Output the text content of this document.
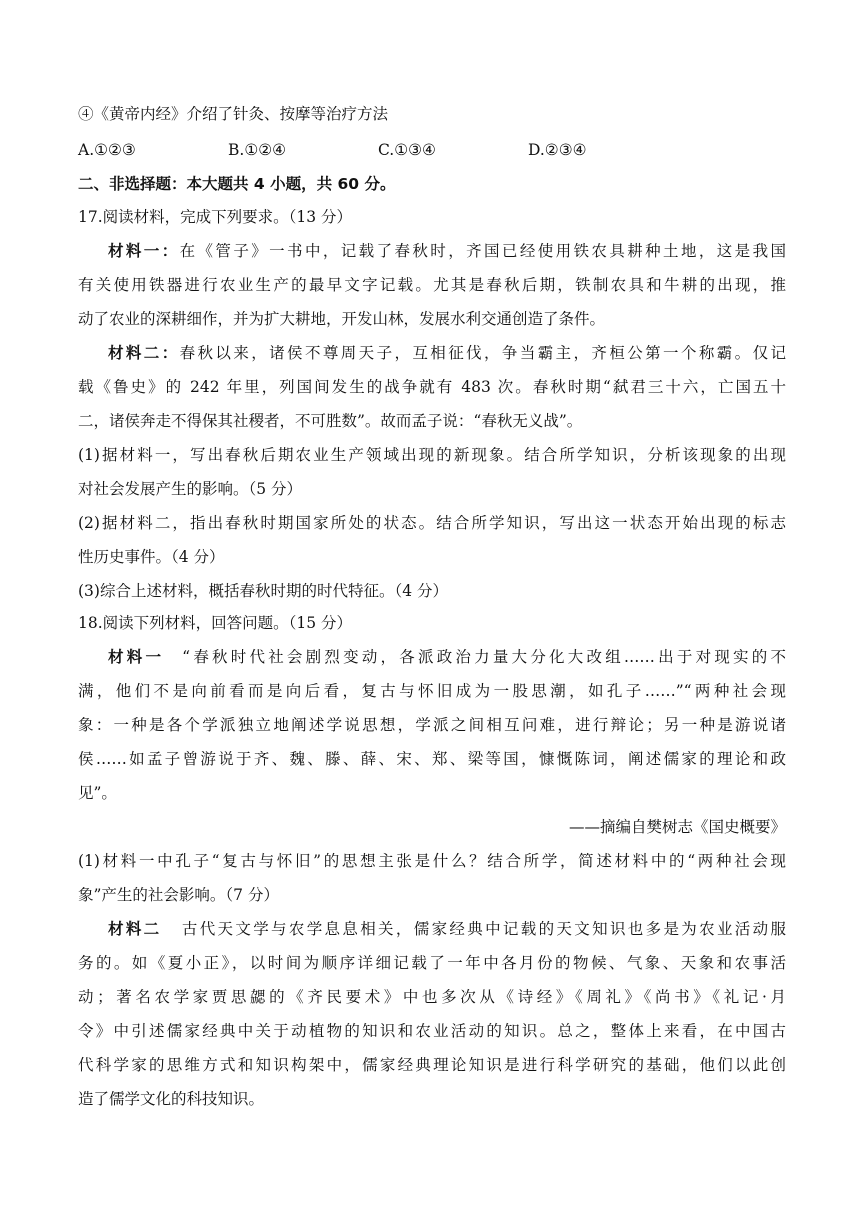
④《黄帝内经》介绍了针灸、按摩等治疗方法
A.①②③	B.①②④	C.①③④	D.②③④
二、非选择题：本大题共 4 小题，共 60 分。
17.阅读材料，完成下列要求。（13 分）
材料一：在《管子》一书中，记载了春秋时，齐国已经使用铁农具耕种土地，这是我国
有关使用铁器进行农业生产的最早文字记载。尤其是春秋后期，铁制农具和牛耕的出现，推
动了农业的深耕细作，并为扩大耕地，开发山林，发展水利交通创造了条件。
材料二：春秋以来，诸侯不尊周天子，互相征伐，争当霸主，齐桓公第一个称霸。仅记
载《鲁史》的 242 年里，列国间发生的战争就有 483 次。春秋时期“弑君三十六，亡国五十
二，诸侯奔走不得保其社稷者，不可胜数”。故而孟子说：“春秋无义战”。
(1)据材料一，写出春秋后期农业生产领域出现的新现象。结合所学知识，分析该现象的出现
对社会发展产生的影响。（5 分）
(2)据材料二，指出春秋时期国家所处的状态。结合所学知识，写出这一状态开始出现的标志
性历史事件。（4 分）
(3)综合上述材料，概括春秋时期的时代特征。（4 分）
18.阅读下列材料，回答问题。（15 分）
材料一 “春秋时代社会剧烈变动，各派政治力量大分化大改组……出于对现实的不
满，他们不是向前看而是向后看，复古与怀旧成为一股思潮，如孔子……”“两种社会现
象：一种是各个学派独立地阐述学说思想，学派之间相互问难，进行辩论；另一种是游说诸
侯……如孟子曾游说于齐、魏、滕、薛、宋、郑、梁等国，慷慨陈词，阐述儒家的理论和政
见”。
——摘编自樊树志《国史概要》
(1)材料一中孔子“复古与怀旧”的思想主张是什么？结合所学，简述材料中的“两种社会现
象”产生的社会影响。（7 分）
材料二 古代天文学与农学息息相关，儒家经典中记载的天文知识也多是为农业活动服
务的。如《夏小正》，以时间为顺序详细记载了一年中各月份的物候、气象、天象和农事活
动；著名农学家贾思勰的《齐民要术》中也多次从《诗经》《周礼》《尚书》《礼记·月
令》中引述儒家经典中关于动植物的知识和农业活动的知识。总之，整体上来看，在中国古
代科学家的思维方式和知识构架中，儒家经典理论知识是进行科学研究的基础，他们以此创
造了儒学文化的科技知识。
